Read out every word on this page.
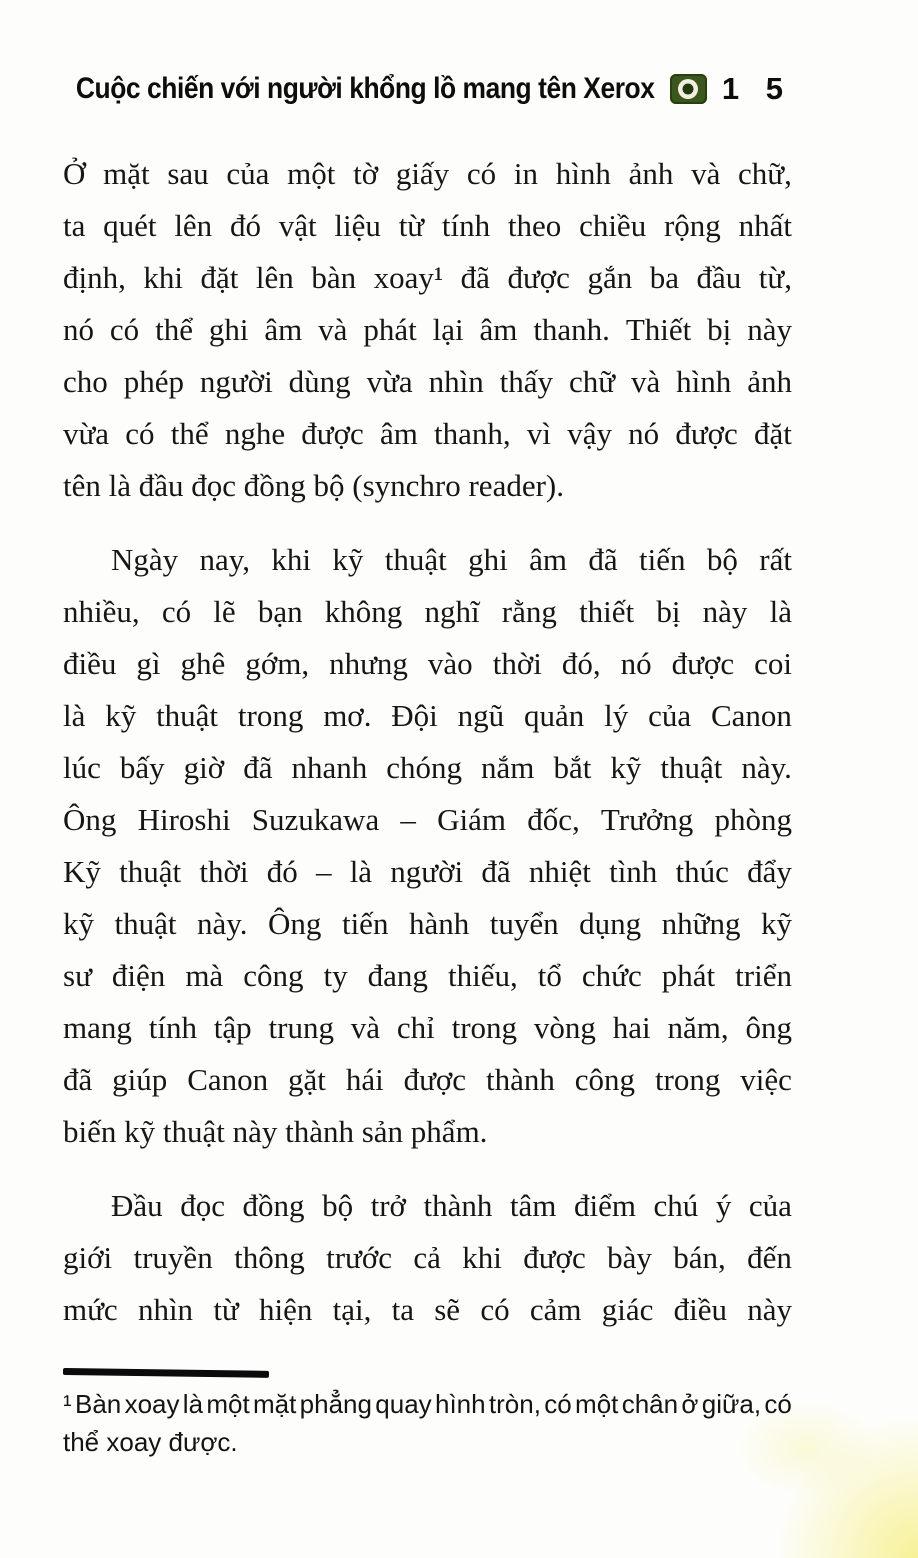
Cuộc chiến với người khổng lồ mang tên Xerox 1 5
Ở mặt sau của một tờ giấy có in hình ảnh và chữ,
ta quét lên đó vật liệu từ tính theo chiều rộng nhất
định, khi đặt lên bàn xoay¹ đã được gắn ba đầu từ,
nó có thể ghi âm và phát lại âm thanh. Thiết bị này
cho phép người dùng vừa nhìn thấy chữ và hình ảnh
vừa có thể nghe được âm thanh, vì vậy nó được đặt
tên là đầu đọc đồng bộ (synchro reader).
Ngày nay, khi kỹ thuật ghi âm đã tiến bộ rất
nhiều, có lẽ bạn không nghĩ rằng thiết bị này là
điều gì ghê gớm, nhưng vào thời đó, nó được coi
là kỹ thuật trong mơ. Đội ngũ quản lý của Canon
lúc bấy giờ đã nhanh chóng nắm bắt kỹ thuật này.
Ông Hiroshi Suzukawa – Giám đốc, Trưởng phòng
Kỹ thuật thời đó – là người đã nhiệt tình thúc đẩy
kỹ thuật này. Ông tiến hành tuyển dụng những kỹ
sư điện mà công ty đang thiếu, tổ chức phát triển
mang tính tập trung và chỉ trong vòng hai năm, ông
đã giúp Canon gặt hái được thành công trong việc
biến kỹ thuật này thành sản phẩm.
Đầu đọc đồng bộ trở thành tâm điểm chú ý của
giới truyền thông trước cả khi được bày bán, đến
mức nhìn từ hiện tại, ta sẽ có cảm giác điều này
¹ Bàn xoay là một mặt phẳng quay hình tròn, có một chân ở giữa, có
thể xoay được.
